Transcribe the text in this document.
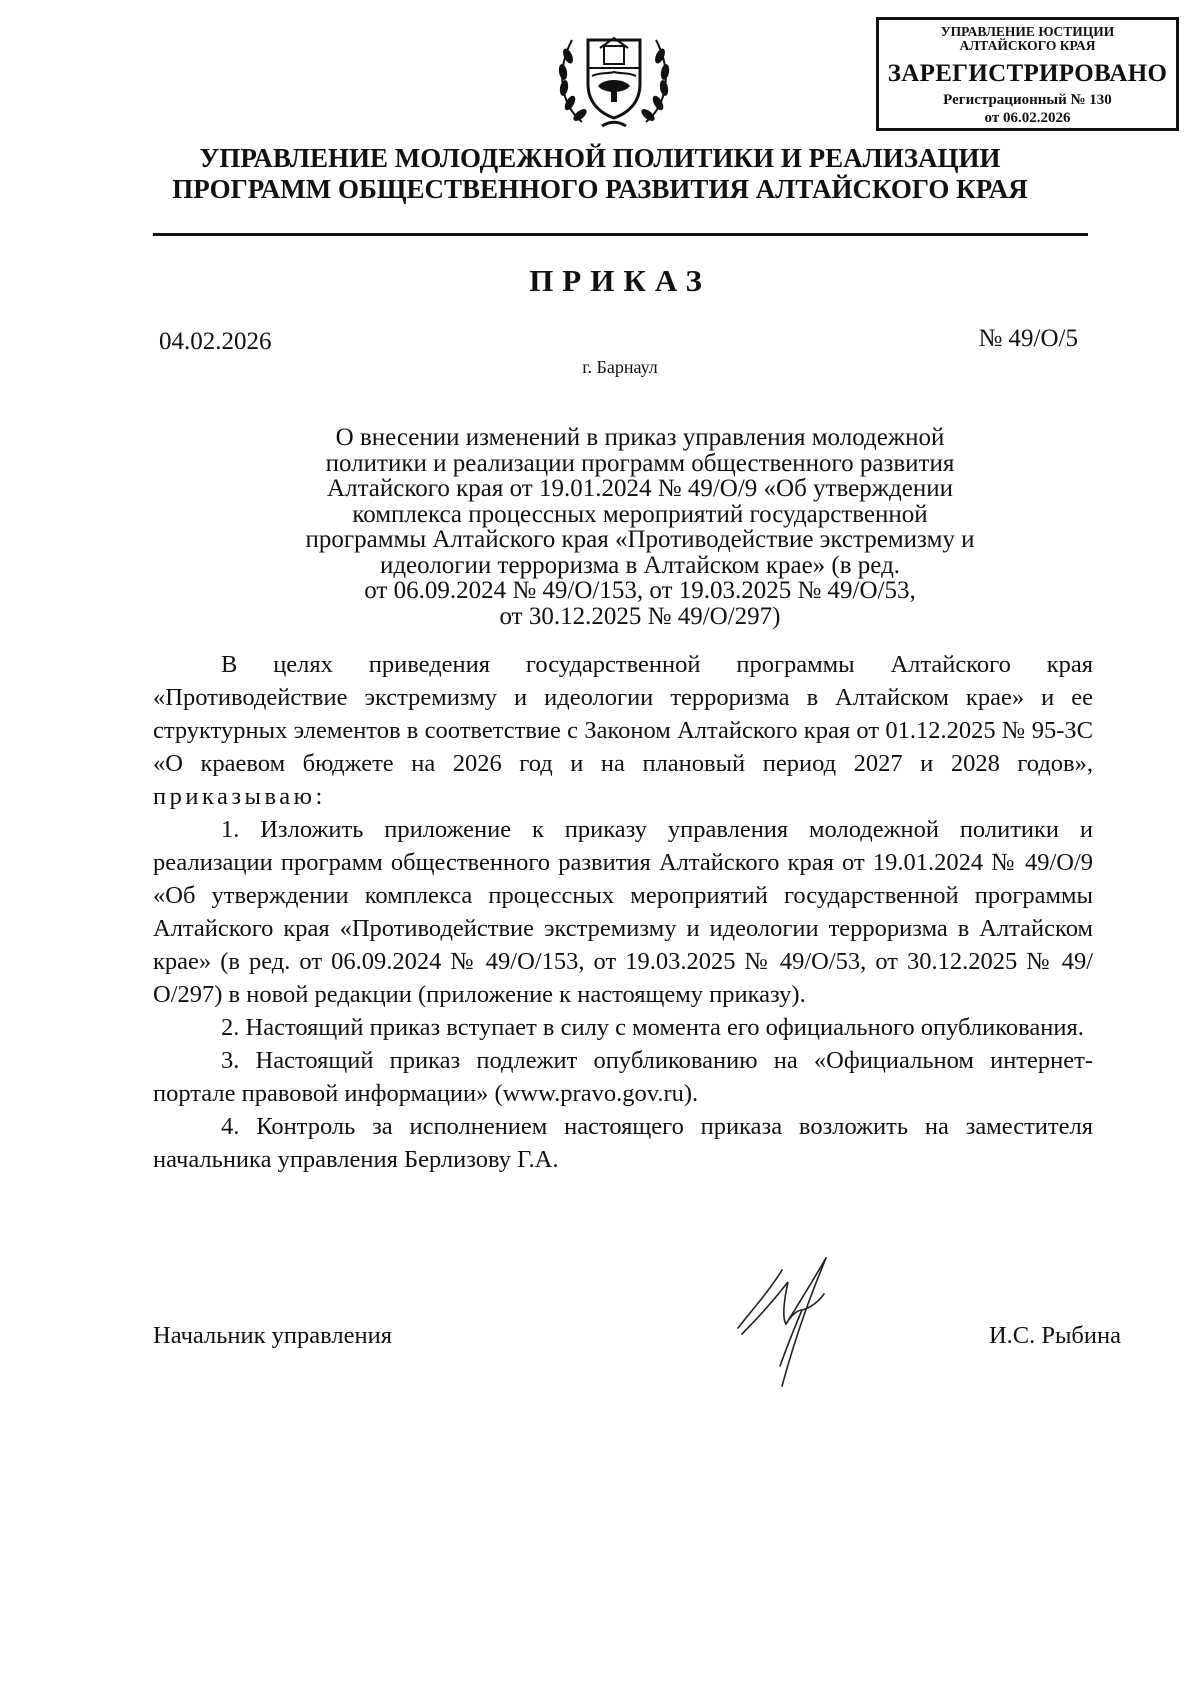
УПРАВЛЕНИЕ ЮСТИЦИИ
АЛТАЙСКОГО КРАЯ
ЗАРЕГИСТРИРОВАНО
Регистрационный № 130
от 06.02.2026
УПРАВЛЕНИЕ МОЛОДЕЖНОЙ ПОЛИТИКИ И РЕАЛИЗАЦИИ
ПРОГРАММ ОБЩЕСТВЕННОГО РАЗВИТИЯ АЛТАЙСКОГО КРАЯ
ПРИКАЗ
04.02.2026	№ 49/О/5
г. Барнаул
О внесении изменений в приказ управления молодежной
политики и реализации программ общественного развития
Алтайского края от 19.01.2024 № 49/О/9 «Об утверждении
комплекса процессных мероприятий государственной
программы Алтайского края «Противодействие экстремизму и
идеологии терроризма в Алтайском крае» (в ред.
от 06.09.2024 № 49/О/153, от 19.03.2025 № 49/О/53,
от 30.12.2025 № 49/О/297)

В целях приведения государственной программы Алтайского края «Противодействие экстремизму и идеологии терроризма в Алтайском крае» и ее структурных элементов в соответствие с Законом Алтайского края от 01.12.2025 № 95-ЗС «О краевом бюджете на 2026 год и на плановый период 2027 и 2028 годов», приказываю:

1. Изложить приложение к приказу управления молодежной политики и реализации программ общественного развития Алтайского края от 19.01.2024 № 49/О/9 «Об утверждении комплекса процессных мероприятий государственной программы Алтайского края «Противодействие экстремизму и идеологии терроризма в Алтайском крае» (в ред. от 06.09.2024 № 49/О/153, от 19.03.2025 № 49/О/53, от 30.12.2025 № 49/О/297) в новой редакции (приложение к настоящему приказу).

2. Настоящий приказ вступает в силу с момента его официального опубликования.

3. Настоящий приказ подлежит опубликованию на «Официальном интернет-портале правовой информации» (www.pravo.gov.ru).

4. Контроль за исполнением настоящего приказа возложить на заместителя начальника управления Берлизову Г.А.

Начальник управления	И.С. Рыбина
